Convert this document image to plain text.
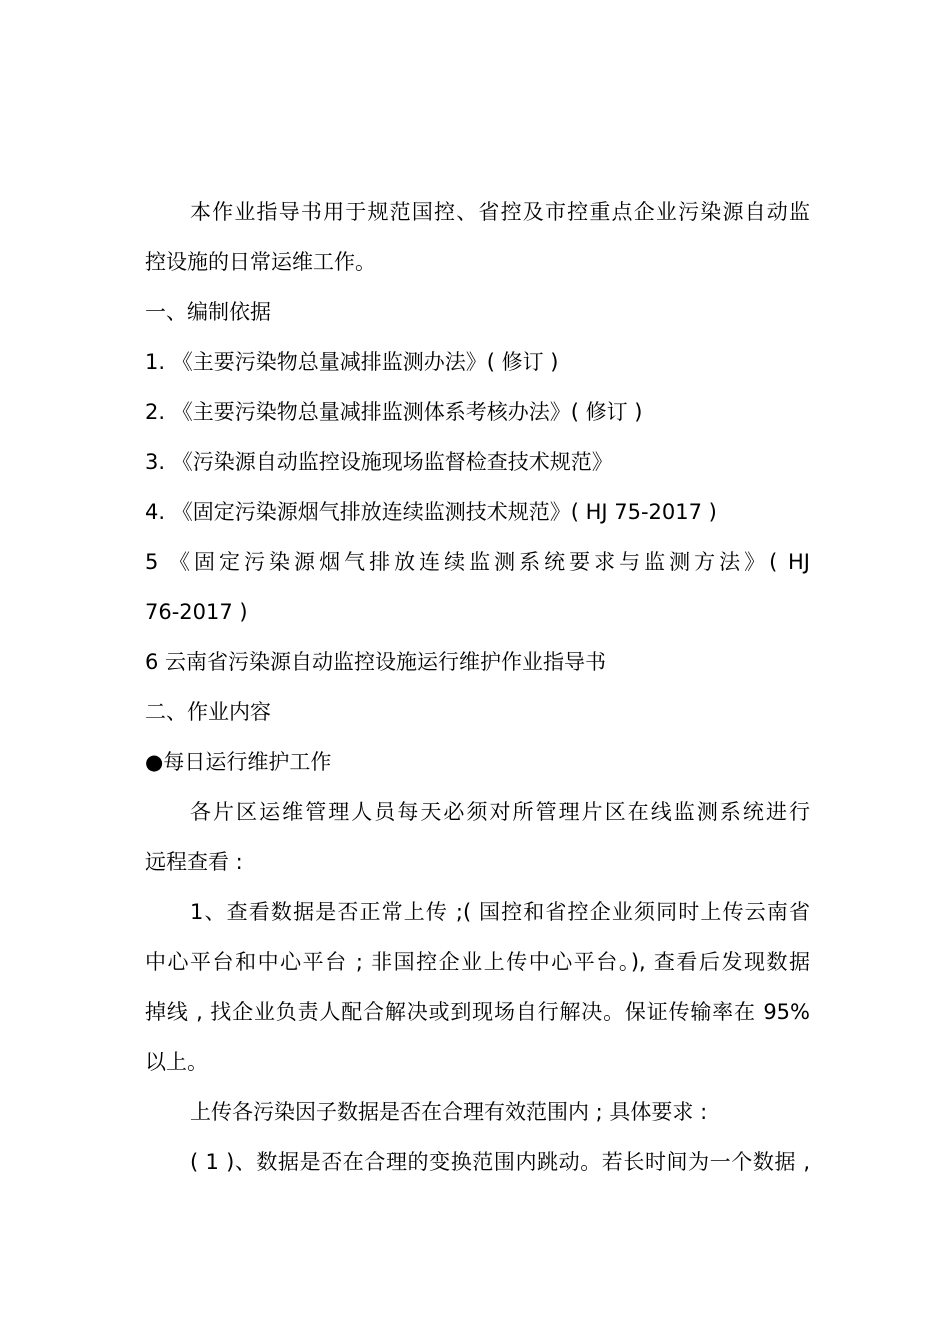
本作业指导书用于规范国控、省控及市控重点企业污染源自动监
控设施的日常运维工作。
一、编制依据
1. 《主要污染物总量减排监测办法》( 修订 )
2. 《主要污染物总量减排监测体系考核办法》( 修订 )
3. 《污染源自动监控设施现场监督检查技术规范》
4. 《固定污染源烟气排放连续监测技术规范》( HJ 75-2017 )
5 《固定污染源烟气排放连续监测系统要求与监测方法》( HJ
76-2017 )
6 云南省污染源自动监控设施运行维护作业指导书
二、作业内容
●每日运行维护工作
各片区运维管理人员每天必须对所管理片区在线监测系统进行
远程查看 :
1、查看数据是否正常上传 ;( 国控和省控企业须同时上传云南省
中心平台和中心平台 ; 非国控企业上传中心平台。), 查看后发现数据
掉线 , 找企业负责人配合解决或到现场自行解决。保证传输率在 95%
以上。
上传各污染因子数据是否在合理有效范围内 ; 具体要求 :
( 1 )、数据是否在合理的变换范围内跳动。若长时间为一个数据 ,
